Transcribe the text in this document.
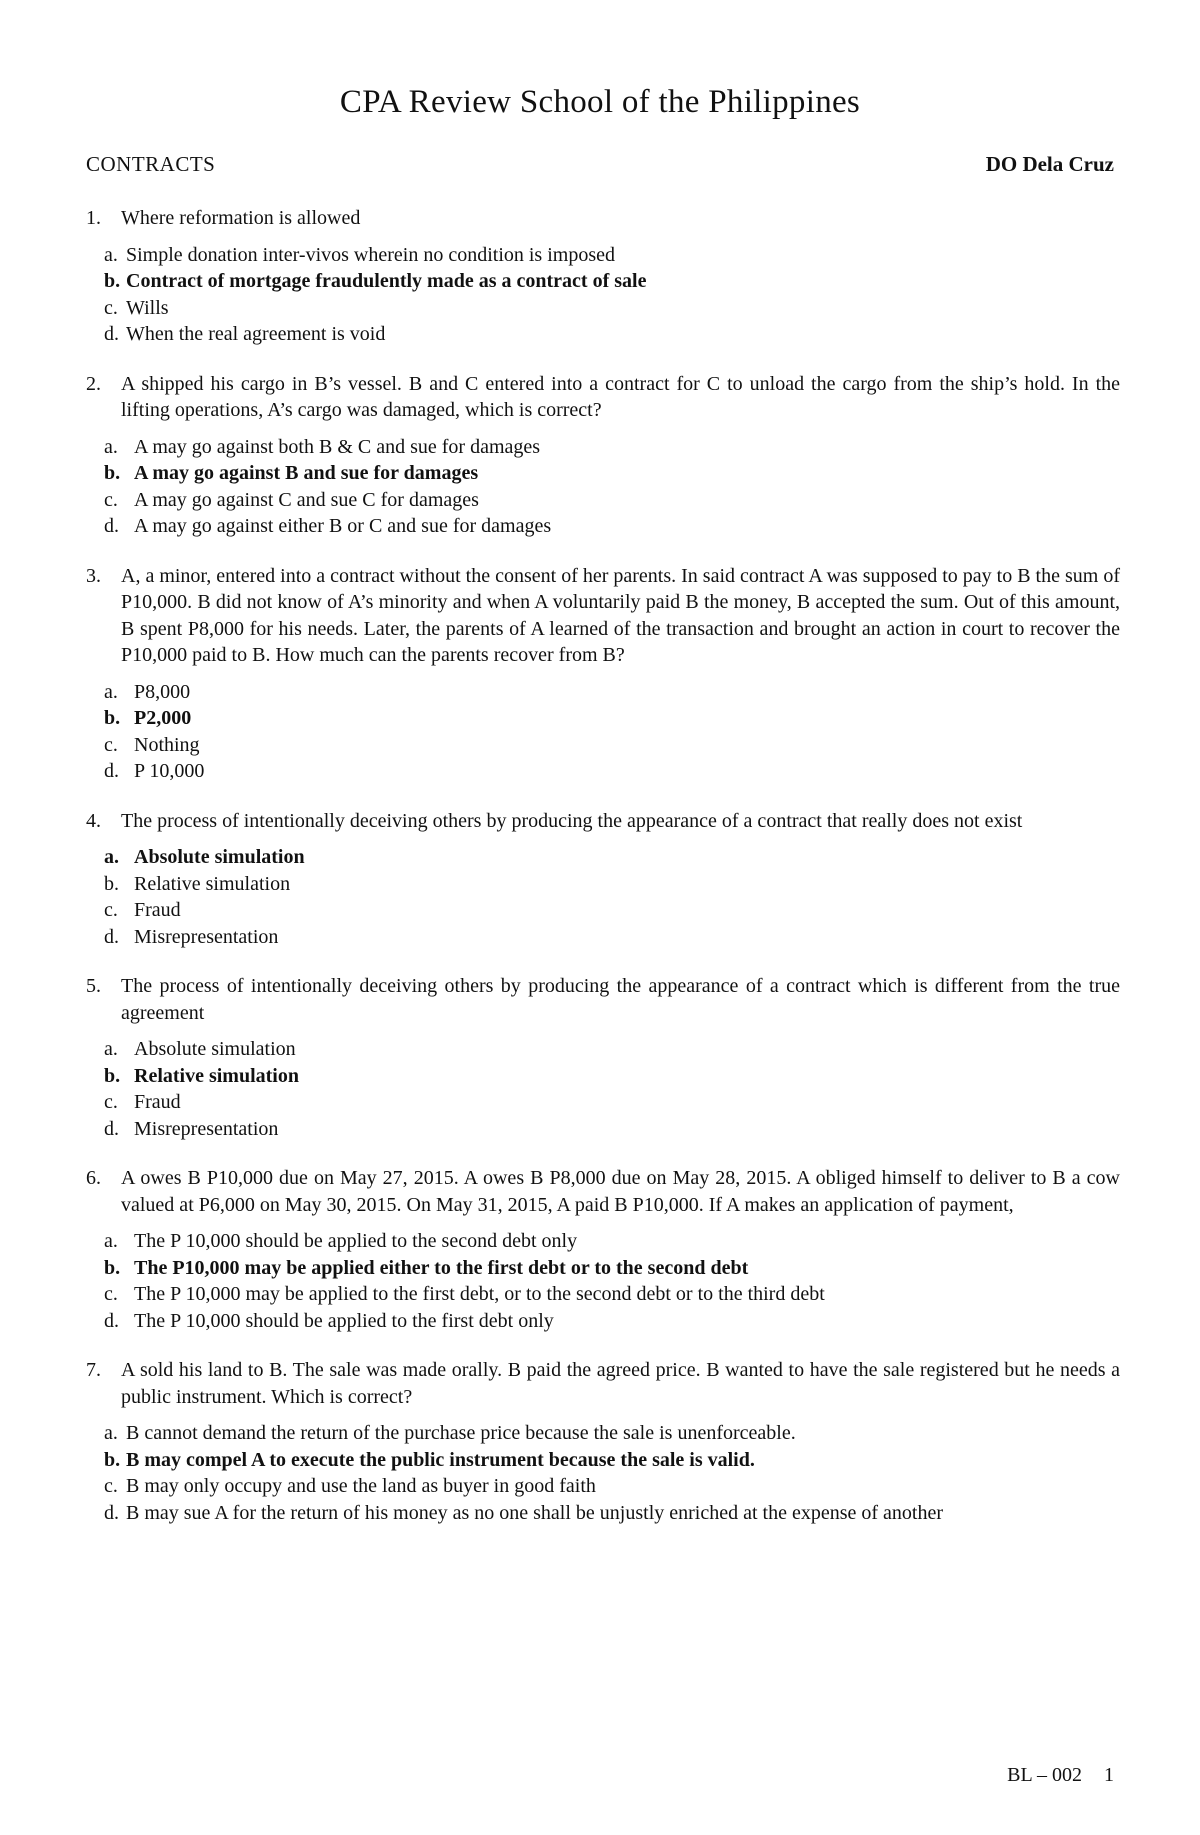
CPA Review School of the Philippines
CONTRACTS	DO Dela Cruz
1.	Where reformation is allowed
a. Simple donation inter-vivos wherein no condition is imposed
b. Contract of mortgage fraudulently made as a contract of sale
c. Wills
d. When the real agreement is void
2.	A shipped his cargo in B’s vessel. B and C entered into a contract for C to unload the cargo from the ship’s hold. In the lifting operations, A’s cargo was damaged, which is correct?
a. A may go against both B & C and sue for damages
b. A may go against B and sue for damages
c. A may go against C and sue C for damages
d. A may go against either B or C and sue for damages
3.	A, a minor, entered into a contract without the consent of her parents. In said contract A was supposed to pay to B the sum of P10,000. B did not know of A’s minority and when A voluntarily paid B the money, B accepted the sum. Out of this amount, B spent P8,000 for his needs. Later, the parents of A learned of the transaction and brought an action in court to recover the P10,000 paid to B. How much can the parents recover from B?
a. P8,000
b. P2,000
c. Nothing
d. P 10,000
4.	The process of intentionally deceiving others by producing the appearance of a contract that really does not exist
a. Absolute simulation
b. Relative simulation
c. Fraud
d. Misrepresentation
5.	The process of intentionally deceiving others by producing the appearance of a contract which is different from the true agreement
a. Absolute simulation
b. Relative simulation
c. Fraud
d. Misrepresentation
6.	A owes B P10,000 due on May 27, 2015. A owes B P8,000 due on May 28, 2015. A obliged himself to deliver to B a cow valued at P6,000 on May 30, 2015. On May 31, 2015, A paid B P10,000. If A makes an application of payment,
a. The P 10,000 should be applied to the second debt only
b. The P10,000 may be applied either to the first debt or to the second debt
c. The P 10,000 may be applied to the first debt, or to the second debt or to the third debt
d. The P 10,000 should be applied to the first debt only
7.	A sold his land to B. The sale was made orally. B paid the agreed price. B wanted to have the sale registered but he needs a public instrument. Which is correct?
a. B cannot demand the return of the purchase price because the sale is unenforceable.
b. B may compel A to execute the public instrument because the sale is valid.
c. B may only occupy and use the land as buyer in good faith
d. B may sue A for the return of his money as no one shall be unjustly enriched at the expense of another
BL – 002 1
